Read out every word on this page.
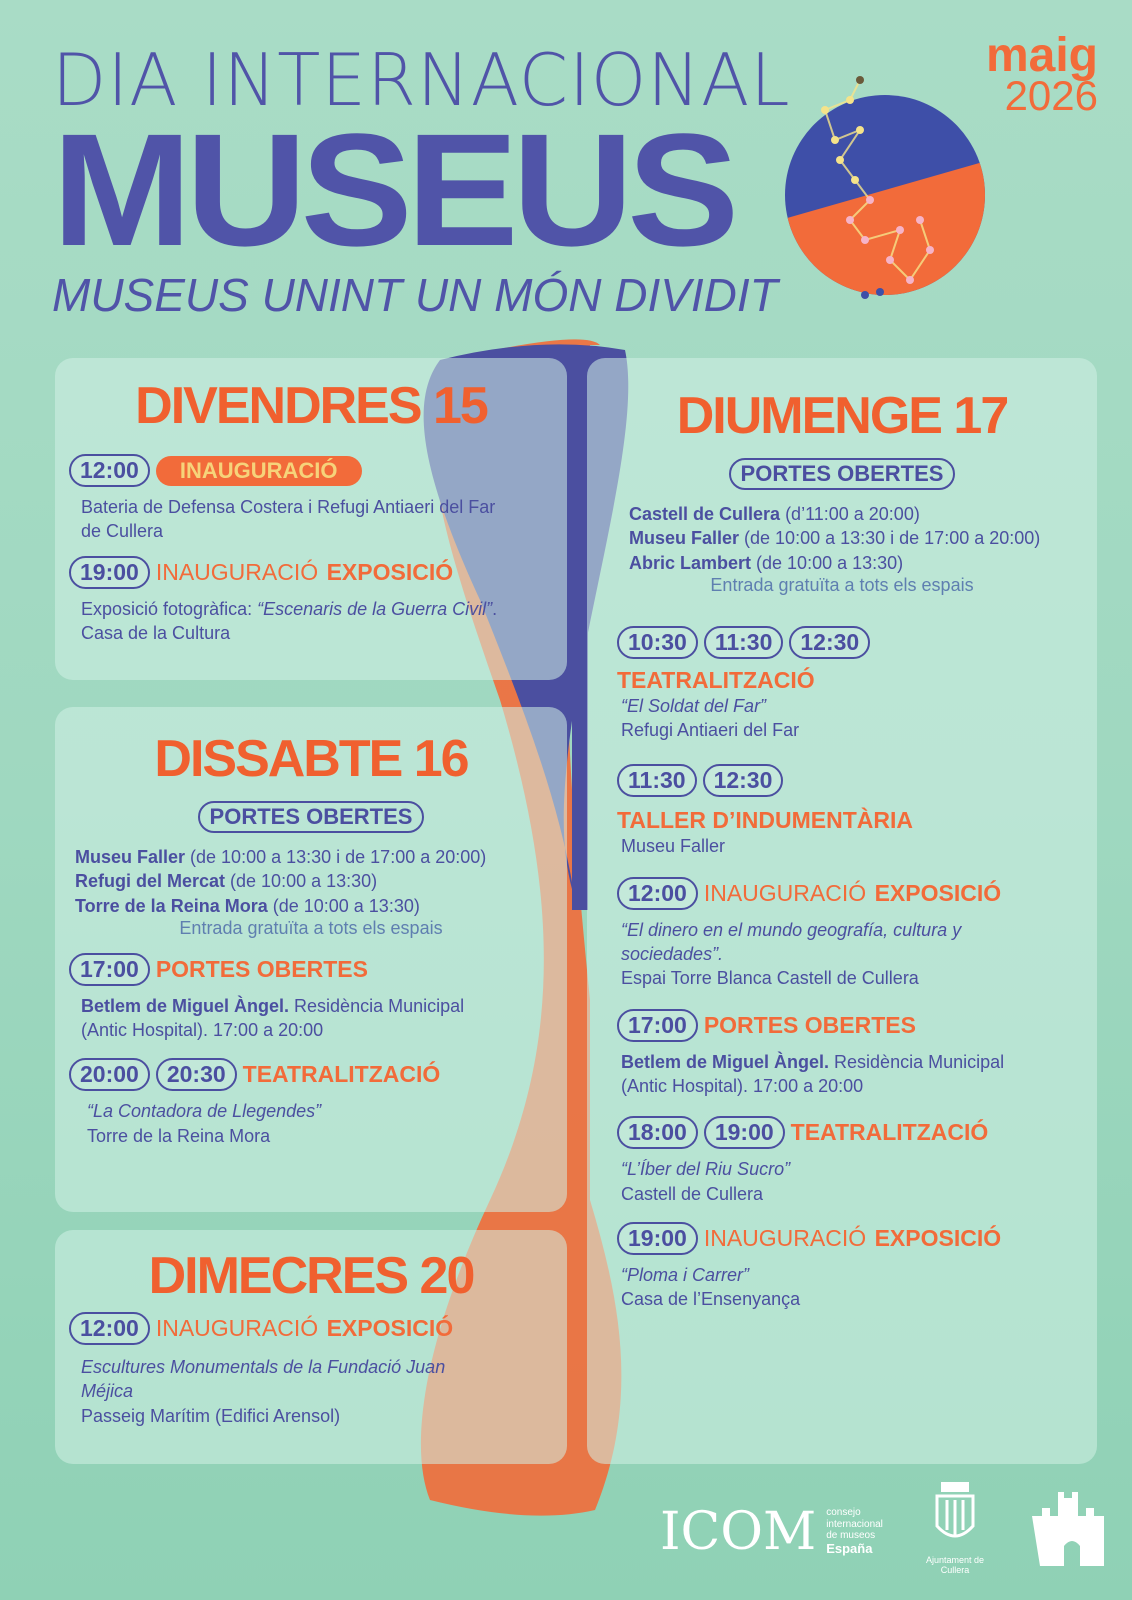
DIA INTERNACIONAL
MUSEUS
MUSEUS UNINT UN MÓN DIVIDIT
maig
2026
DIVENDRES 15
12:00	INAUGURACIÓ
Bateria de Defensa Costera i Refugi Antiaeri del Far de Cullera
19:00 INAUGURACIÓ
EXPOSICIÓ
Exposició fotogràfica: “Escenaris de la Guerra Civil”. Casa de la Cultura
DISSABTE 16
PORTES OBERTES
Museu Faller (de 10:00 a 13:30 i de 17:00 a 20:00)
Refugi del Mercat (de 10:00 a 13:30)
Torre de la Reina Mora (de 10:00 a 13:30)
Entrada gratuïta a tots els espais
17:00 PORTES OBERTES
Betlem de Miguel Àngel. Residència Municipal (Antic Hospital). 17:00 a 20:00
20:00	20:30 TEATRALITZACIÓ
“La Contadora de Llegendes”
Torre de la Reina Mora
DIMECRES 20
12:00 INAUGURACIÓ
EXPOSICIÓ
Escultures Monumentals de la Fundació Juan Méjica
Passeig Marítim (Edifici Arensol)
DIUMENGE 17
PORTES OBERTES
Castell de Cullera (d’11:00 a 20:00)
Museu Faller (de 10:00 a 13:30 i de 17:00 a 20:00)
Abric Lambert (de 10:00 a 13:30)
Entrada gratuïta a tots els espais
10:30	11:30	12:30
TEATRALITZACIÓ
“El Soldat del Far”
Refugi Antiaeri del Far
11:30	12:30
TALLER D’INDUMENTÀRIA
Museu Faller
12:00 INAUGURACIÓ
EXPOSICIÓ
“El dinero en el mundo geografía, cultura y sociedades”.
Espai Torre Blanca Castell de Cullera
17:00 PORTES OBERTES
Betlem de Miguel Àngel. Residència Municipal (Antic Hospital). 17:00 a 20:00
18:00	19:00 TEATRALITZACIÓ
“L’Íber del Riu Sucro”
Castell de Cullera
19:00 INAUGURACIÓ
EXPOSICIÓ
“Ploma i Carrer”
Casa de l’Ensenyança
ICOM consejo
internacional
de museos
España
Ajuntament de Cullera
